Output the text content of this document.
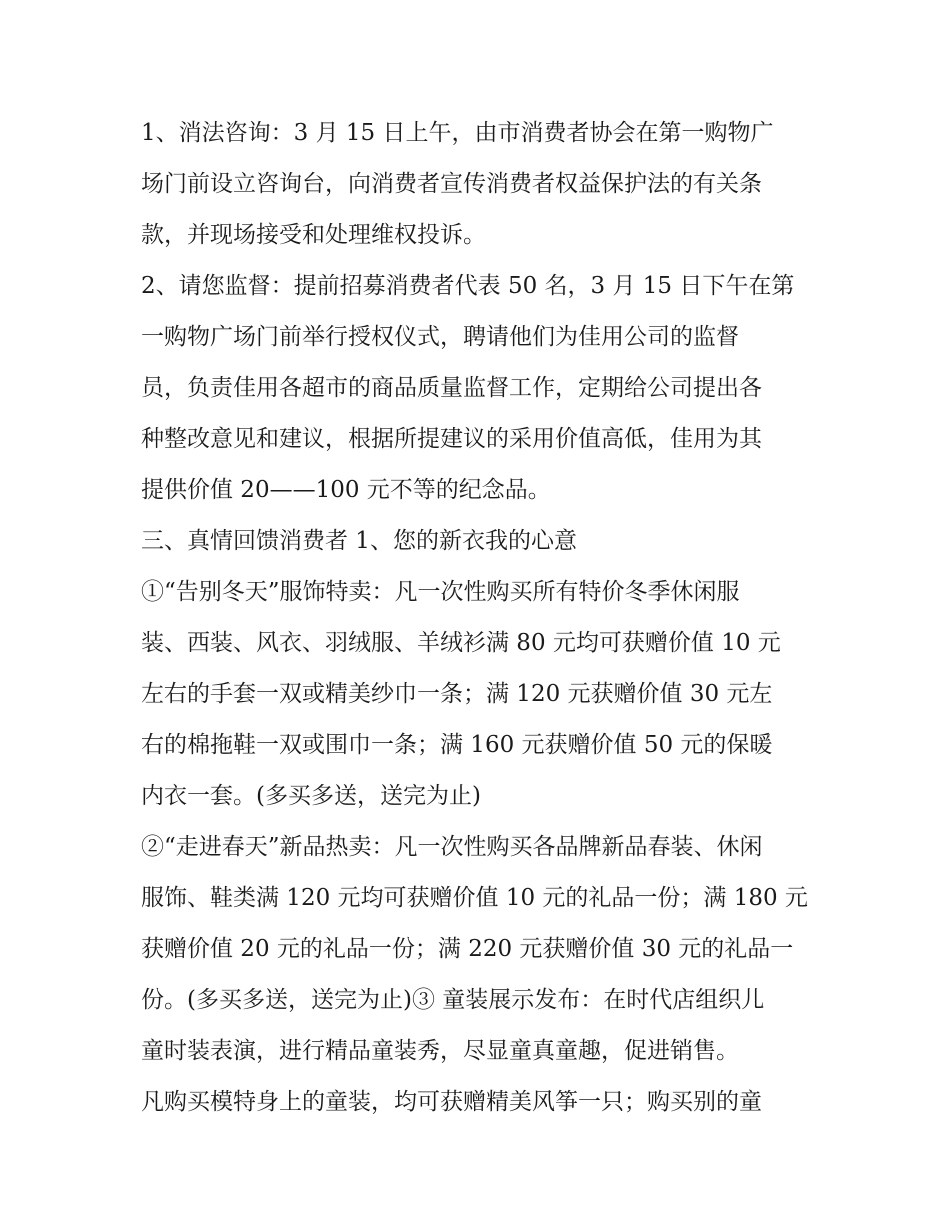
1、消法咨询：3 月 15 日上午，由市消费者协会在第一购物广
场门前设立咨询台，向消费者宣传消费者权益保护法的有关条
款，并现场接受和处理维权投诉。
2、请您监督：提前招募消费者代表 50 名，3 月 15 日下午在第
一购物广场门前举行授权仪式，聘请他们为佳用公司的监督
员，负责佳用各超市的商品质量监督工作，定期给公司提出各
种整改意见和建议，根据所提建议的采用价值高低，佳用为其
提供价值 20——100 元不等的纪念品。
三、真情回馈消费者 1、您的新衣我的心意
①“告别冬天”服饰特卖：凡一次性购买所有特价冬季休闲服
装、西装、风衣、羽绒服、羊绒衫满 80 元均可获赠价值 10 元
左右的手套一双或精美纱巾一条；满 120 元获赠价值 30 元左
右的棉拖鞋一双或围巾一条；满 160 元获赠价值 50 元的保暖
内衣一套。(多买多送，送完为止)
②“走进春天”新品热卖：凡一次性购买各品牌新品春装、休闲
服饰、鞋类满 120 元均可获赠价值 10 元的礼品一份；满 180 元
获赠价值 20 元的礼品一份；满 220 元获赠价值 30 元的礼品一
份。(多买多送，送完为止)③ 童装展示发布：在时代店组织儿
童时装表演，进行精品童装秀，尽显童真童趣，促进销售。
凡购买模特身上的童装，均可获赠精美风筝一只；购买别的童
